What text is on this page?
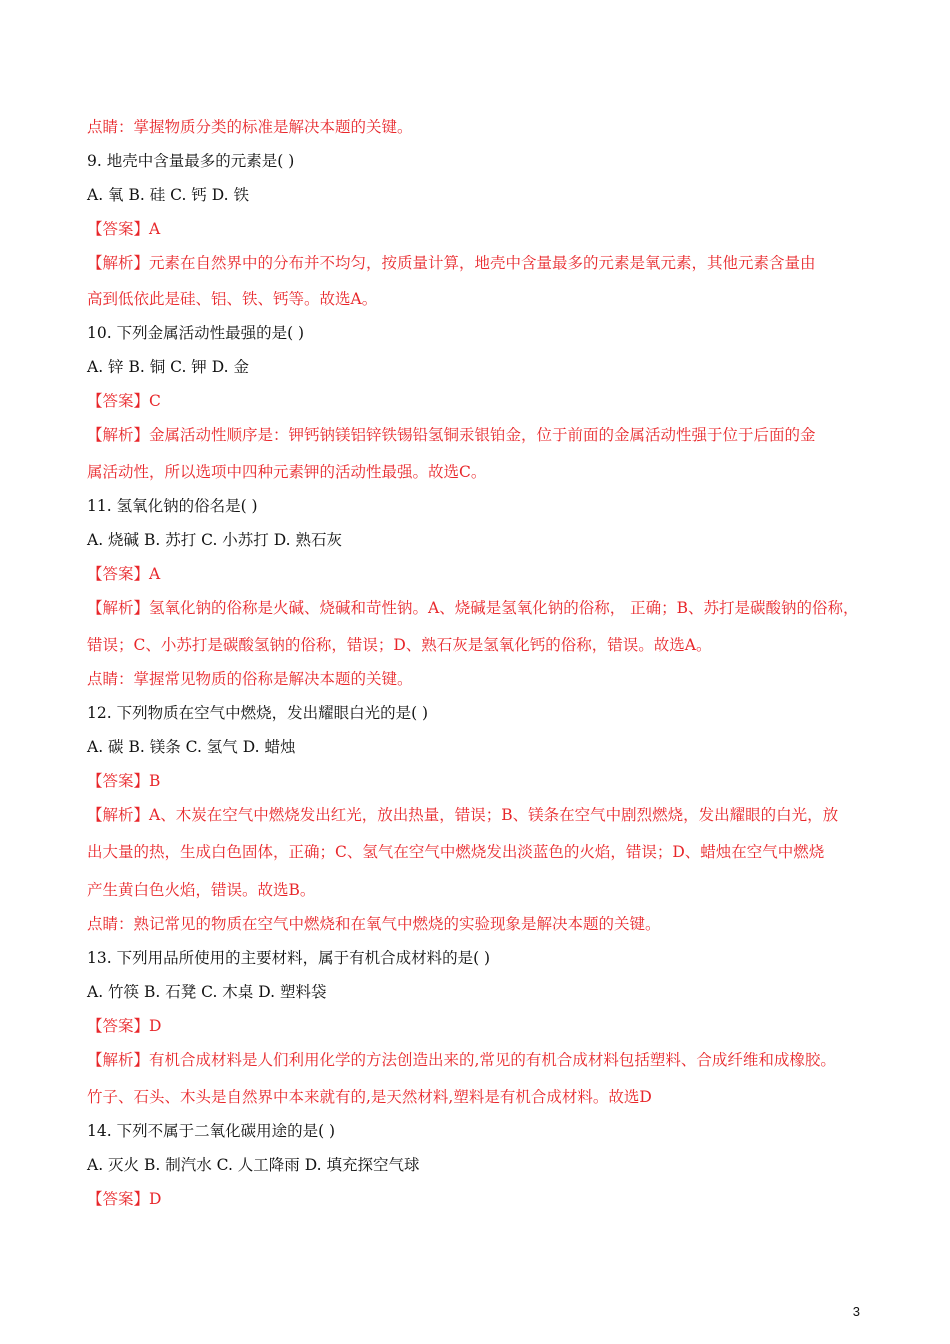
点睛：掌握物质分类的标准是解决本题的关键。
9. 地壳中含量最多的元素是( )
A. 氧 B. 硅 C. 钙 D. 铁
【答案】A
【解析】元素在自然界中的分布并不均匀，按质量计算，地壳中含量最多的元素是氧元素，其他元素含量由
高到低依此是硅、铝、铁、钙等。故选A。
10. 下列金属活动性最强的是( )
A. 锌 B. 铜 C. 钾 D. 金
【答案】C
【解析】金属活动性顺序是：钾钙钠镁铝锌铁锡铅氢铜汞银铂金，位于前面的金属活动性强于位于后面的金
属活动性，所以选项中四种元素钾的活动性最强。故选C。
11. 氢氧化钠的俗名是( )
A. 烧碱 B. 苏打 C. 小苏打 D. 熟石灰
【答案】A
【解析】氢氧化钠的俗称是火碱、烧碱和苛性钠。A、烧碱是氢氧化钠的俗称， 正确；B、苏打是碳酸钠的俗称，
错误；C、小苏打是碳酸氢钠的俗称，错误；D、熟石灰是氢氧化钙的俗称，错误。故选A。
点睛：掌握常见物质的俗称是解决本题的关键。
12. 下列物质在空气中燃烧，发出耀眼白光的是( )
A. 碳 B. 镁条 C. 氢气 D. 蜡烛
【答案】B
【解析】A、木炭在空气中燃烧发出红光，放出热量，错误；B、镁条在空气中剧烈燃烧，发出耀眼的白光，放
出大量的热，生成白色固体，正确；C、氢气在空气中燃烧发出淡蓝色的火焰，错误；D、蜡烛在空气中燃烧
产生黄白色火焰，错误。故选B。
点睛：熟记常见的物质在空气中燃烧和在氧气中燃烧的实验现象是解决本题的关键。
13. 下列用品所使用的主要材料，属于有机合成材料的是( )
A. 竹筷 B. 石凳 C. 木桌 D. 塑料袋
【答案】D
【解析】有机合成材料是人们利用化学的方法创造出来的,常见的有机合成材料包括塑料、合成纤维和成橡胶。
竹子、石头、木头是自然界中本来就有的,是天然材料,塑料是有机合成材料。故选D
14. 下列不属于二氧化碳用途的是( )
A. 灭火 B. 制汽水 C. 人工降雨 D. 填充探空气球
【答案】D
3
